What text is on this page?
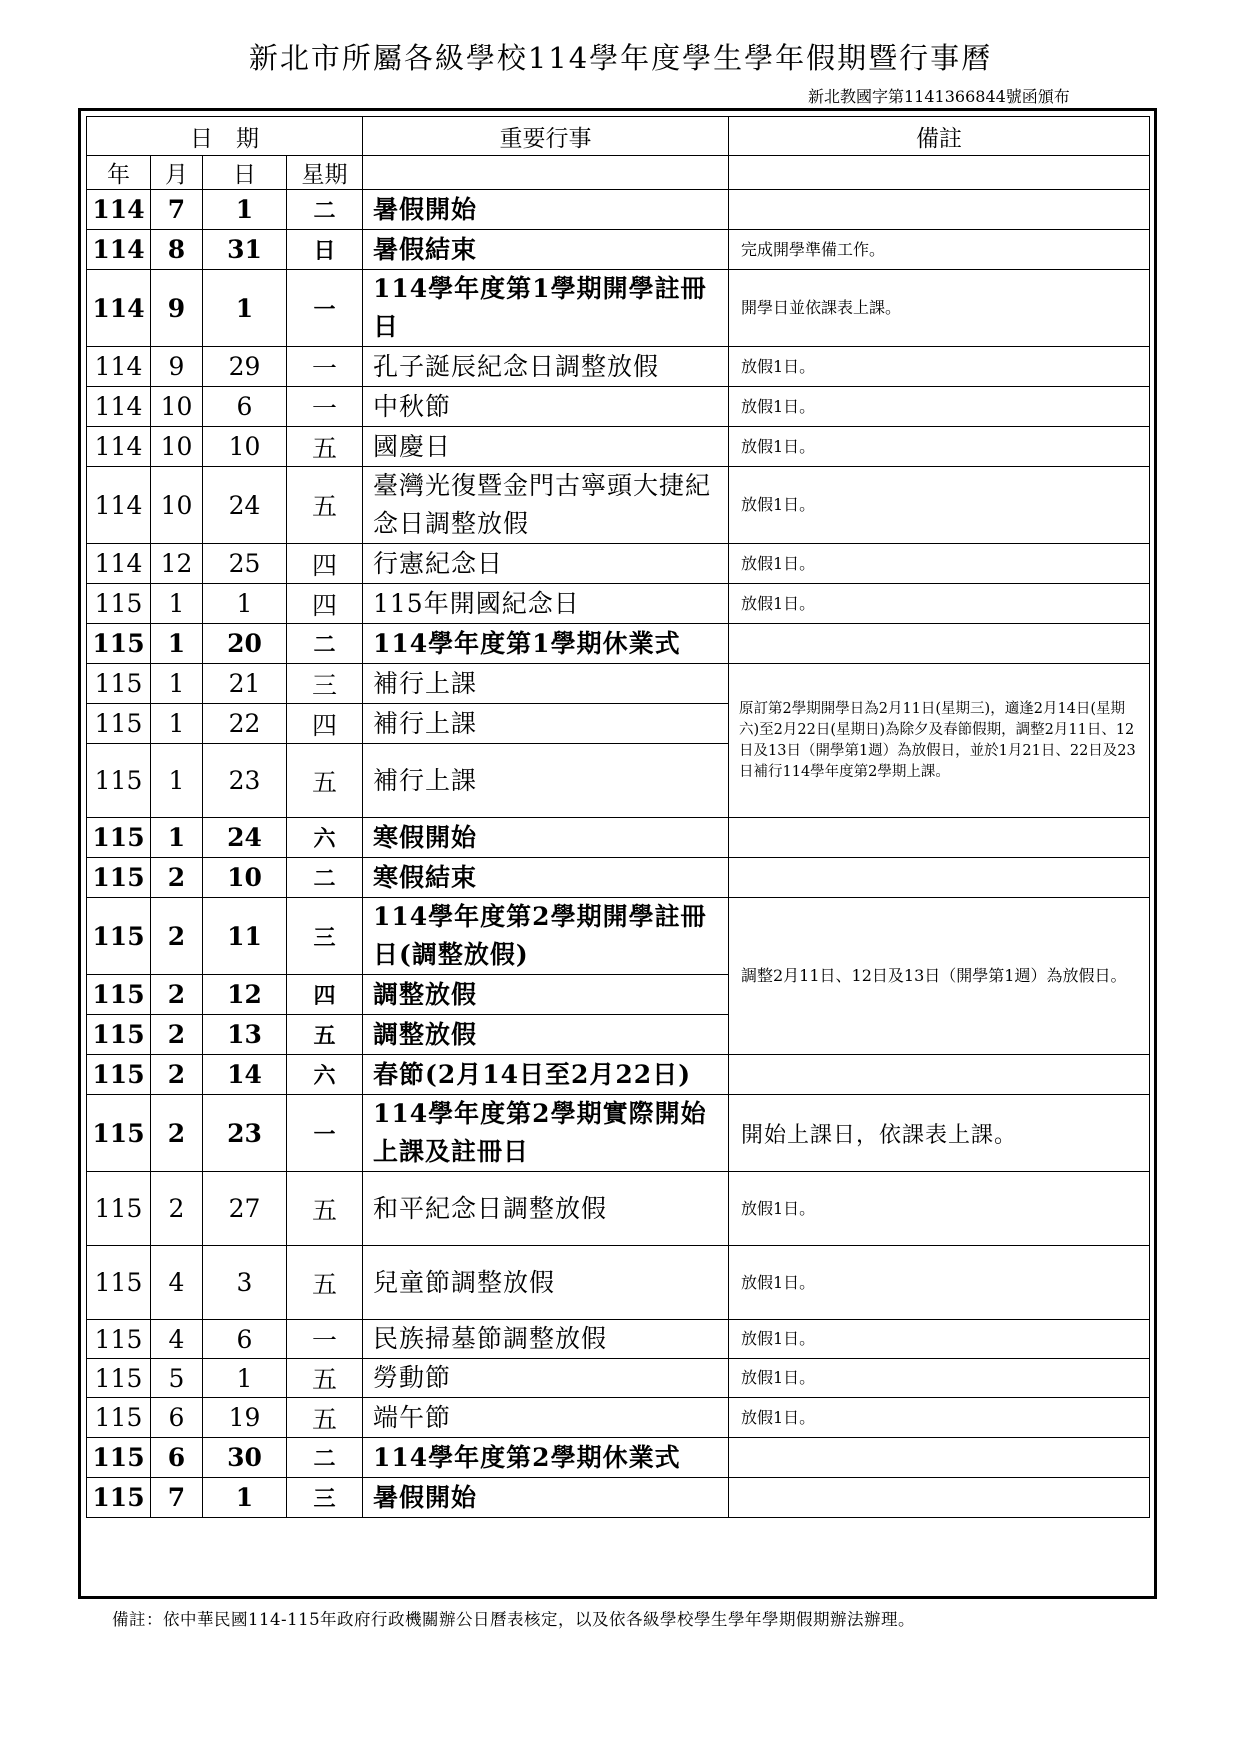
新北市所屬各級學校114學年度學生學年假期暨行事曆
新北教國字第1141366844號函頒布
日　期				重要行事	備註
年	月	日	星期		
114	7	1	二	暑假開始	
114	8	31	日	暑假結束	完成開學準備工作。
114	9	1	一	114學年度第1學期開學註冊日	開學日並依課表上課。
114	9	29	一	孔子誕辰紀念日調整放假	放假1日。
114	10	6	一	中秋節	放假1日。
114	10	10	五	國慶日	放假1日。
114	10	24	五	臺灣光復暨金門古寧頭大捷紀念日調整放假	放假1日。
114	12	25	四	行憲紀念日	放假1日。
115	1	1	四	115年開國紀念日	放假1日。
115	1	20	二	114學年度第1學期休業式	
115	1	21	三	補行上課	原訂第2學期開學日為2月11日(星期三)，適逢2月14日(星期六)至2月22日(星期日)為除夕及春節假期，調整2月11日、12日及13日（開學第1週）為放假日，並於1月21日、22日及23日補行114學年度第2學期上課。
115	1	22	四	補行上課	
115	1	23	五	補行上課	
115	1	24	六	寒假開始	
115	2	10	二	寒假結束	
115	2	11	三	114學年度第2學期開學註冊日(調整放假)	調整2月11日、12日及13日（開學第1週）為放假日。
115	2	12	四	調整放假	
115	2	13	五	調整放假	
115	2	14	六	春節(2月14日至2月22日)	
115	2	23	一	114學年度第2學期實際開始上課及註冊日	開始上課日，依課表上課。
115	2	27	五	和平紀念日調整放假	放假1日。
115	4	3	五	兒童節調整放假	放假1日。
115	4	6	一	民族掃墓節調整放假	放假1日。
115	5	1	五	勞動節	放假1日。
115	6	19	五	端午節	放假1日。
115	6	30	二	114學年度第2學期休業式	
115	7	1	三	暑假開始	
備註：依中華民國114-115年政府行政機關辦公日曆表核定，以及依各級學校學生學年學期假期辦法辦理。
